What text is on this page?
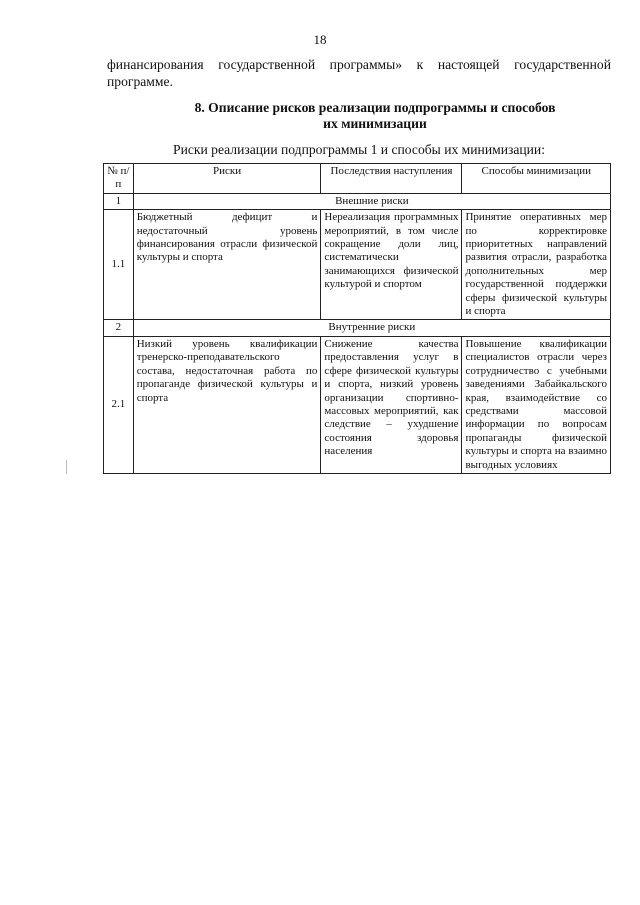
18
финансирования государственной программы» к настоящей государственной
программе.
8. Описание рисков реализации подпрограммы и способов
их минимизации
Риски реализации подпрограммы 1 и способы их минимизации:
№ п/п	Риски	Последствия наступления	Способы минимизации
1	Внешние риски		
1.1	Бюджетный дефицит и недостаточный уровень финансирования отрасли физической культуры и спорта	Нереализация программных мероприятий, в том числе сокращение доли лиц, систематически занимающихся физической культурой и спортом	Принятие оперативных мер по корректировке приоритетных направлений развития отрасли, разработка дополнительных мер государственной поддержки сферы физической культуры и спорта
2	Внутренние риски		
2.1	Низкий уровень квалификации тренерско-преподавательского состава, недостаточная работа по пропаганде физической культуры и спорта	Снижение качества предоставления услуг в сфере физической культуры и спорта, низкий уровень организации спортивно-массовых мероприятий, как следствие – ухудшение состояния здоровья населения	Повышение квалификации специалистов отрасли через сотрудничество с учебными заведениями Забайкальского края, взаимодействие со средствами массовой информации по вопросам пропаганды физической культуры и спорта на взаимно выгодных условиях
